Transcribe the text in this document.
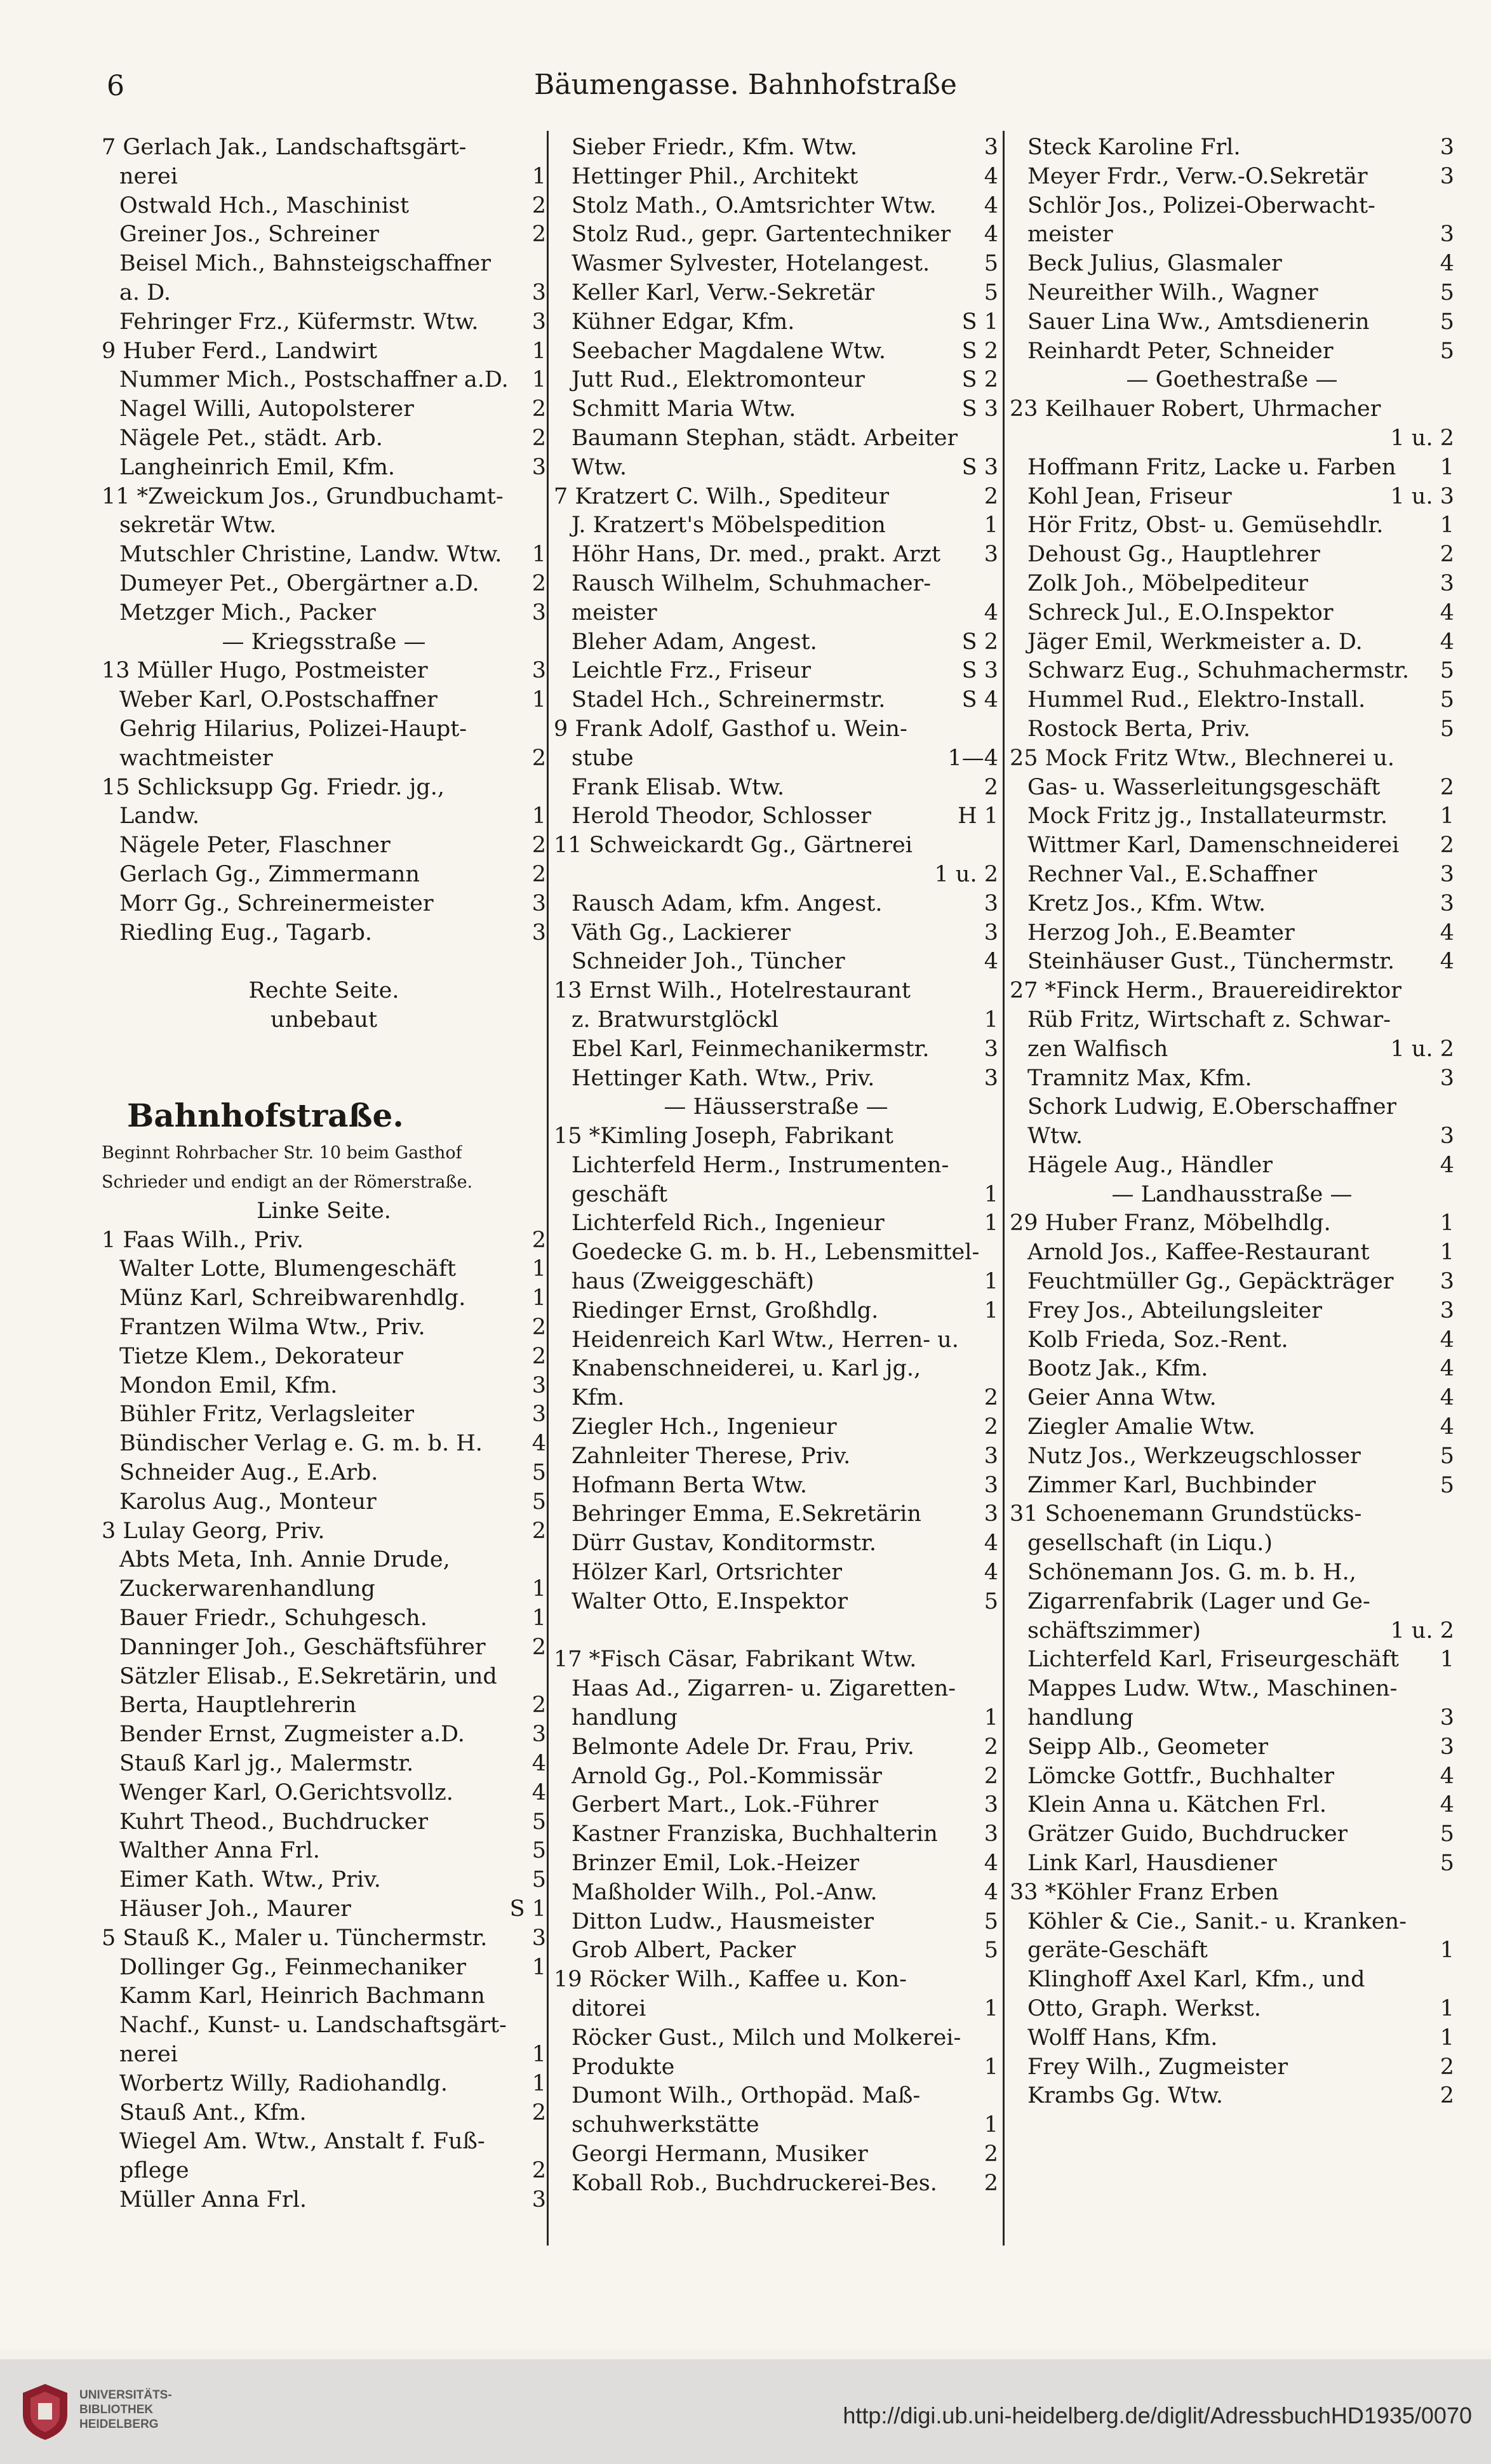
6	Bäumengasse. Bahnhofstraße
7 Gerlach Jak., Landschaftsgärt-
nerei	1
Ostwald Hch., Maschinist	2
Greiner Jos., Schreiner	2
Beisel Mich., Bahnsteigschaffner
a. D.	3
Fehringer Frz., Küfermstr. Wtw. 3
9 Huber Ferd., Landwirt	1
Nummer Mich., Postschaffner a.D. 1
Nagel Willi, Autopolsterer	2
Nägele Pet., städt. Arb.	2
Langheinrich Emil, Kfm.	3
11 *Zweickum Jos., Grundbuchamt-
sekretär Wtw.
Mutschler Christine, Landw. Wtw. 1
Dumeyer Pet., Obergärtner a.D. 2
Metzger Mich., Packer	3
— Kriegsstraße —
13 Müller Hugo, Postmeister	3
Weber Karl, O.Postschaffner	1
Gehrig Hilarius, Polizei-Haupt-
wachtmeister	2
15 Schlicksupp Gg. Friedr. jg.,
Landw.	1
Nägele Peter, Flaschner	2
Gerlach Gg., Zimmermann	2
Morr Gg., Schreinermeister	3
Riedling Eug., Tagarb.	3
Rechte Seite.
unbebaut
Bahnhofstraße.
Beginnt Rohrbacher Str. 10 beim Gasthof
Schrieder und endigt an der Römerstraße.
Linke Seite.
1 Faas Wilh., Priv.	2
Walter Lotte, Blumengeschäft	1
Münz Karl, Schreibwarenhdlg.	1
Frantzen Wilma Wtw., Priv.	2
Tietze Klem., Dekorateur	2
Mondon Emil, Kfm.	3
Bühler Fritz, Verlagsleiter	3
Bündischer Verlag e. G. m. b. H. 4
Schneider Aug., E.Arb.	5
Karolus Aug., Monteur	5
3 Lulay Georg, Priv.	2
Abts Meta, Inh. Annie Drude,
Zuckerwarenhandlung	1
Bauer Friedr., Schuhgesch.	1
Danninger Joh., Geschäftsführer 2
Sätzler Elisab., E.Sekretärin, und
Berta, Hauptlehrerin	2
Bender Ernst, Zugmeister a.D.	3
Stauß Karl jg., Malermstr.	4
Wenger Karl, O.Gerichtsvollz.	4
Kuhrt Theod., Buchdrucker	5
Walther Anna Frl.	5
Eimer Kath. Wtw., Priv.	5
Häuser Joh., Maurer	S 1
5 Stauß K., Maler u. Tünchermstr. 3
Dollinger Gg., Feinmechaniker	1
Kamm Karl, Heinrich Bachmann
Nachf., Kunst- u. Landschaftsgärt-
nerei	1
Worbertz Willy, Radiohandlg.	1
Stauß Ant., Kfm.	2
Wiegel Am. Wtw., Anstalt f. Fuß-
pflege	2
Müller Anna Frl.	3
Sieber Friedr., Kfm. Wtw.	3
Hettinger Phil., Architekt	4
Stolz Math., O.Amtsrichter Wtw. 4
Stolz Rud., gepr. Gartentechniker 4
Wasmer Sylvester, Hotelangest. 5
Keller Karl, Verw.-Sekretär	5
Kühner Edgar, Kfm.	S 1
Seebacher Magdalene Wtw.	S 2
Jutt Rud., Elektromonteur	S 2
Schmitt Maria Wtw.	S 3
Baumann Stephan, städt. Arbeiter
Wtw.	S 3
7 Kratzert C. Wilh., Spediteur	2
J. Kratzert's Möbelspedition	1
Höhr Hans, Dr. med., prakt. Arzt 3
Rausch Wilhelm, Schuhmacher-
meister	4
Bleher Adam, Angest.	S 2
Leichtle Frz., Friseur	S 3
Stadel Hch., Schreinermstr.	S 4
9 Frank Adolf, Gasthof u. Wein-
stube	1—4
Frank Elisab. Wtw.	2
Herold Theodor, Schlosser	H 1
11 Schweickardt Gg., Gärtnerei
1 u. 2
Rausch Adam, kfm. Angest.	3
Väth Gg., Lackierer	3
Schneider Joh., Tüncher	4
13 Ernst Wilh., Hotelrestaurant
z. Bratwurstglöckl	1
Ebel Karl, Feinmechanikermstr. 3
Hettinger Kath. Wtw., Priv.	3
— Häusserstraße —
15 *Kimling Joseph, Fabrikant
Lichterfeld Herm., Instrumenten-
geschäft	1
Lichterfeld Rich., Ingenieur	1
Goedecke G. m. b. H., Lebensmittel-
haus (Zweiggeschäft)	1
Riedinger Ernst, Großhdlg.	1
Heidenreich Karl Wtw., Herren- u.
Knabenschneiderei, u. Karl jg.,
Kfm.	2
Ziegler Hch., Ingenieur	2
Zahnleiter Therese, Priv.	3
Hofmann Berta Wtw.	3
Behringer Emma, E.Sekretärin	3
Dürr Gustav, Konditormstr.	4
Hölzer Karl, Ortsrichter	4
Walter Otto, E.Inspektor	5
17 *Fisch Cäsar, Fabrikant Wtw.
Haas Ad., Zigarren- u. Zigaretten-
handlung	1
Belmonte Adele Dr. Frau, Priv.	2
Arnold Gg., Pol.-Kommissär	2
Gerbert Mart., Lok.-Führer	3
Kastner Franziska, Buchhalterin 3
Brinzer Emil, Lok.-Heizer	4
Maßholder Wilh., Pol.-Anw.	4
Ditton Ludw., Hausmeister	5
Grob Albert, Packer	5
19 Röcker Wilh., Kaffee u. Kon-
ditorei	1
Röcker Gust., Milch und Molkerei-
Produkte	1
Dumont Wilh., Orthopäd. Maß-
schuhwerkstätte	1
Georgi Hermann, Musiker	2
Koball Rob., Buchdruckerei-Bes. 2
Steck Karoline Frl.	3
Meyer Frdr., Verw.-O.Sekretär	3
Schlör Jos., Polizei-Oberwacht-
meister	3
Beck Julius, Glasmaler	4
Neureither Wilh., Wagner	5
Sauer Lina Ww., Amtsdienerin	5
Reinhardt Peter, Schneider	5
— Goethestraße —
23 Keilhauer Robert, Uhrmacher
1 u. 2
Hoffmann Fritz, Lacke u. Farben 1
Kohl Jean, Friseur	1 u. 3
Hör Fritz, Obst- u. Gemüsehdlr.	1
Dehoust Gg., Hauptlehrer	2
Zolk Joh., Möbelpediteur	3
Schreck Jul., E.O.Inspektor	4
Jäger Emil, Werkmeister a. D.	4
Schwarz Eug., Schuhmachermstr. 5
Hummel Rud., Elektro-Install.	5
Rostock Berta, Priv.	5
25 Mock Fritz Wtw., Blechnerei u.
Gas- u. Wasserleitungsgeschäft	2
Mock Fritz jg., Installateurmstr. 1
Wittmer Karl, Damenschneiderei 2
Rechner Val., E.Schaffner	3
Kretz Jos., Kfm. Wtw.	3
Herzog Joh., E.Beamter	4
Steinhäuser Gust., Tünchermstr. 4
27 *Finck Herm., Brauereidirektor
Rüb Fritz, Wirtschaft z. Schwar-
zen Walfisch	1 u. 2
Tramnitz Max, Kfm.	3
Schork Ludwig, E.Oberschaffner
Wtw.	3
Hägele Aug., Händler	4
— Landhausstraße —
29 Huber Franz, Möbelhdlg.	1
Arnold Jos., Kaffee-Restaurant	1
Feuchtmüller Gg., Gepäckträger 3
Frey Jos., Abteilungsleiter	3
Kolb Frieda, Soz.-Rent.	4
Bootz Jak., Kfm.	4
Geier Anna Wtw.	4
Ziegler Amalie Wtw.	4
Nutz Jos., Werkzeugschlosser	5
Zimmer Karl, Buchbinder	5
31 Schoenemann Grundstücks-
gesellschaft (in Liqu.)
Schönemann Jos. G. m. b. H.,
Zigarrenfabrik (Lager und Ge-
schäftszimmer)	1 u. 2
Lichterfeld Karl, Friseurgeschäft 1
Mappes Ludw. Wtw., Maschinen-
handlung	3
Seipp Alb., Geometer	3
Lömcke Gottfr., Buchhalter	4
Klein Anna u. Kätchen Frl.	4
Grätzer Guido, Buchdrucker	5
Link Karl, Hausdiener	5
33 *Köhler Franz Erben
Köhler & Cie., Sanit.- u. Kranken-
geräte-Geschäft	1
Klinghoff Axel Karl, Kfm., und
Otto, Graph. Werkst.	1
Wolff Hans, Kfm.	1
Frey Wilh., Zugmeister	2
Krambs Gg. Wtw.	2
UNIVERSITÄTS-
BIBLIOTHEK
HEIDELBERG	http://digi.ub.uni-heidelberg.de/diglit/AdressbuchHD1935/0070
